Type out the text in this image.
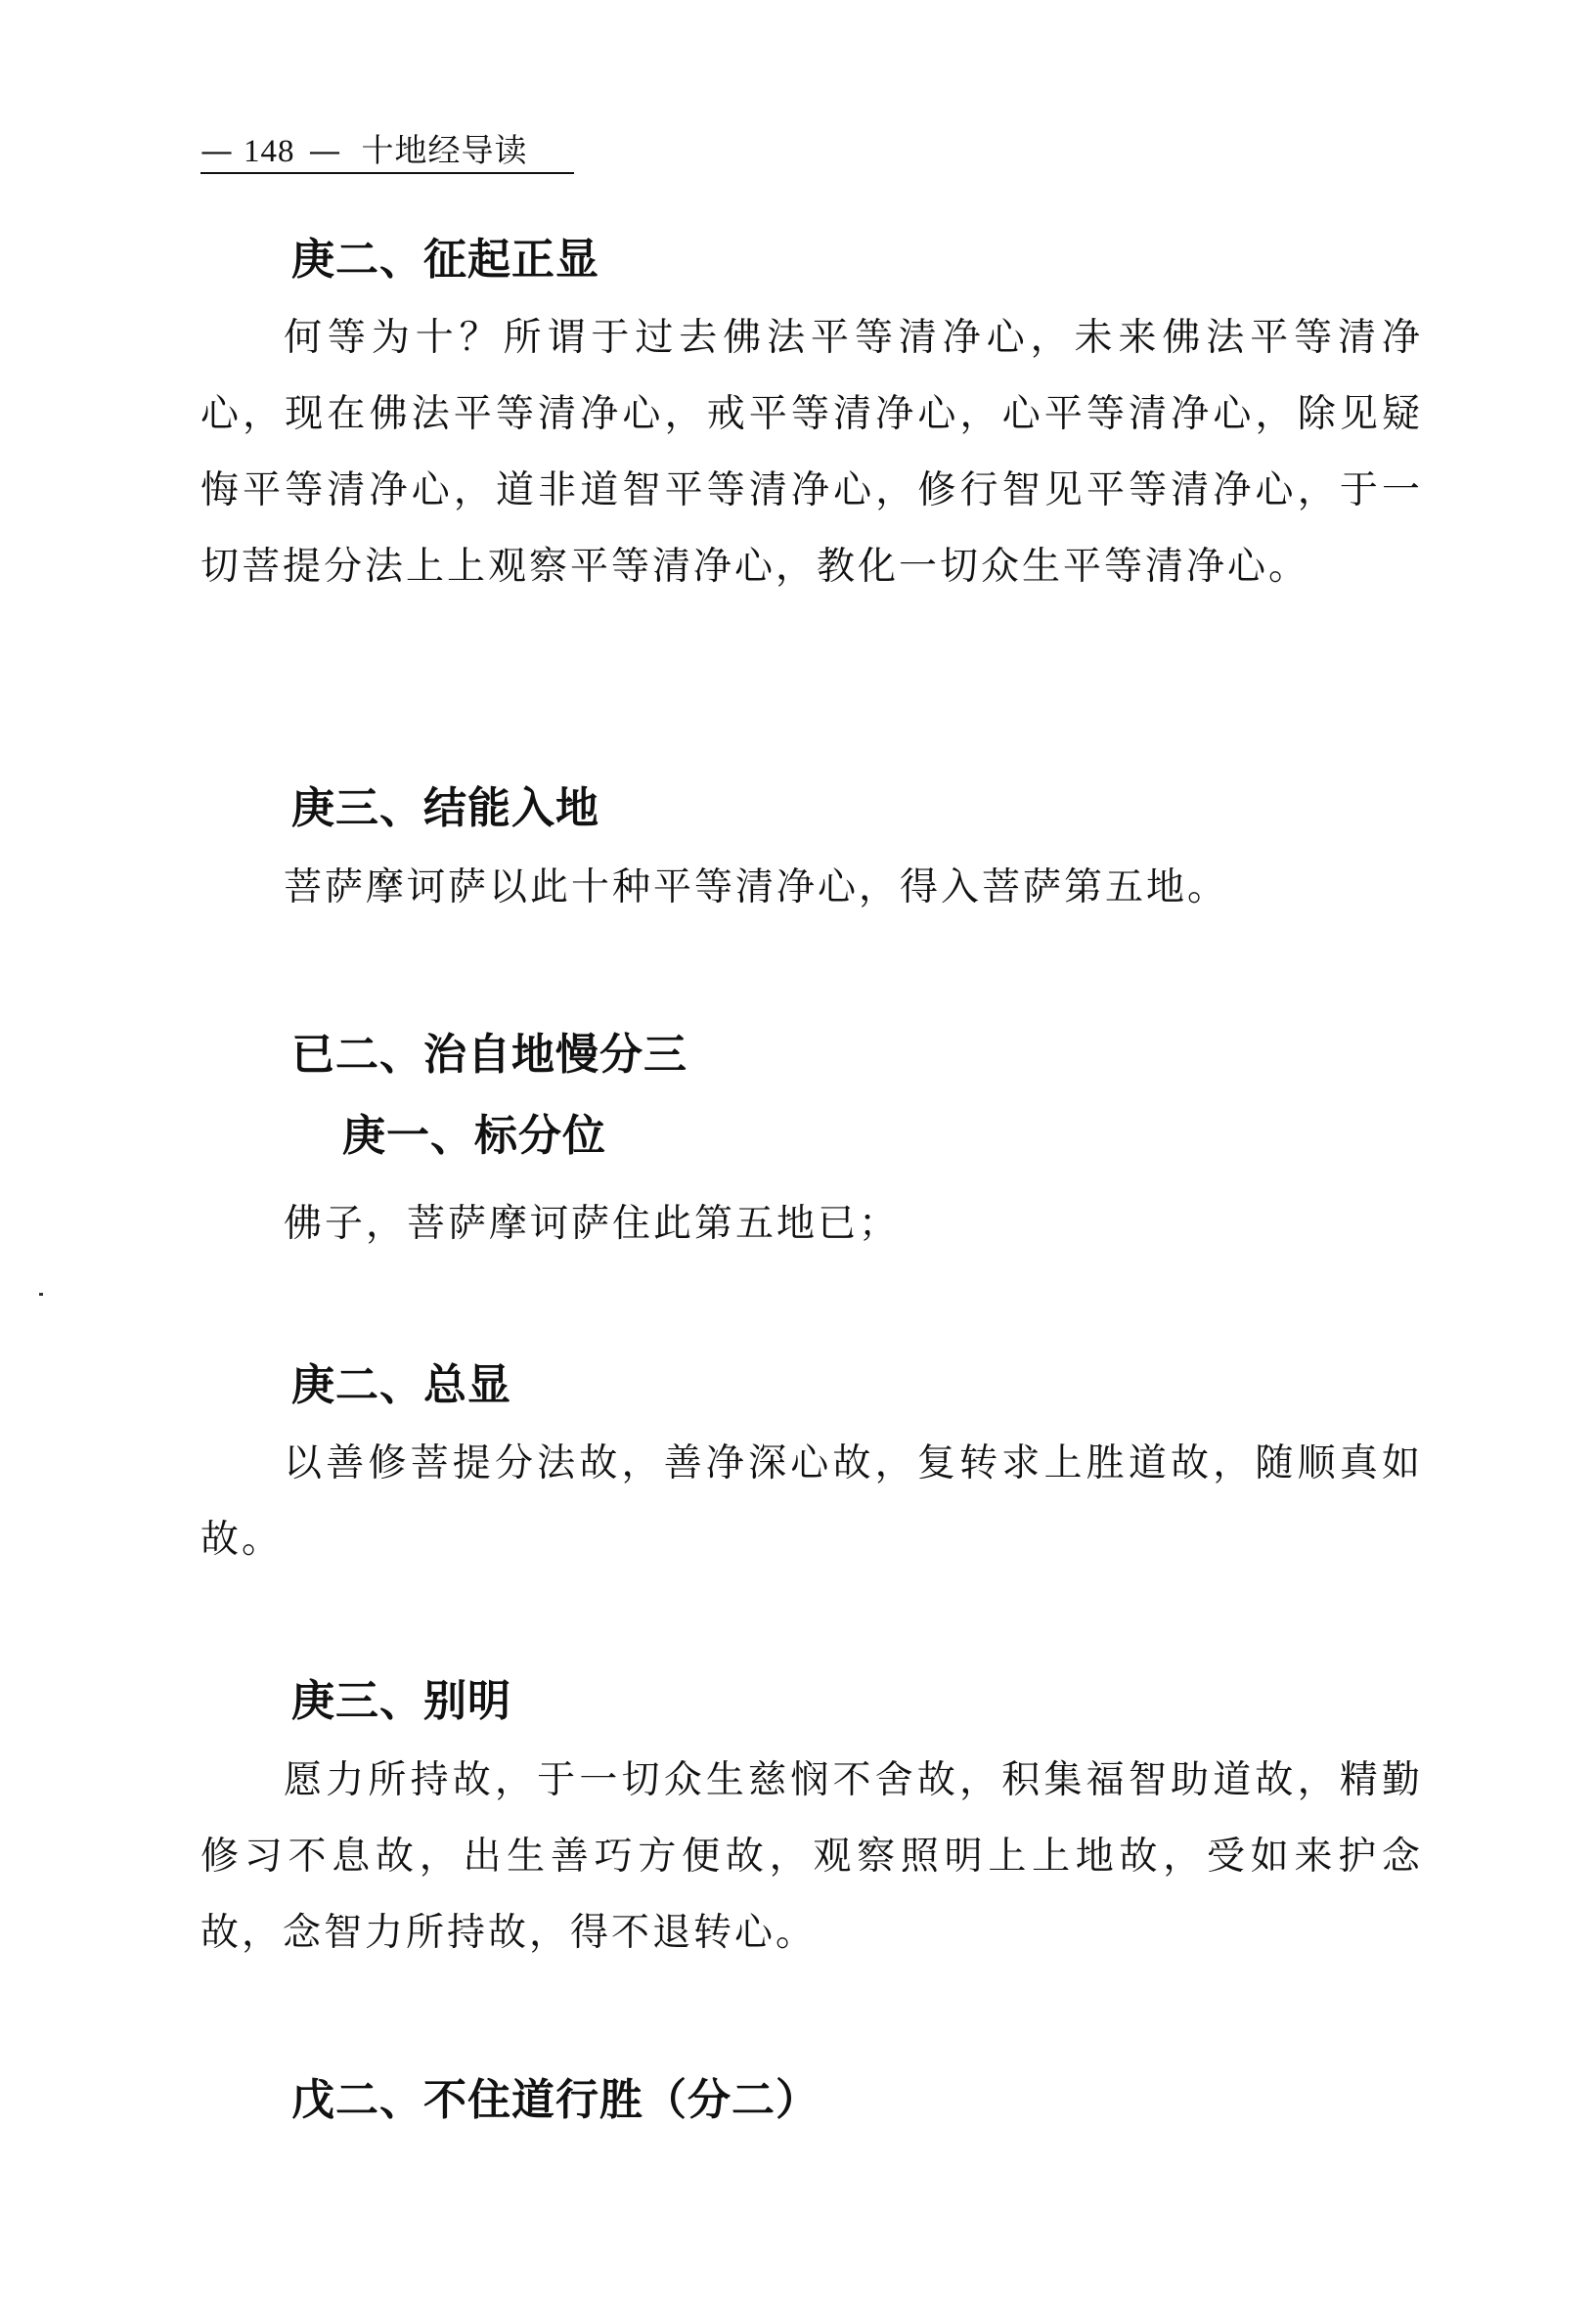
— 148 — 十地经导读
庚二、征起正显

何等为十？所谓于过去佛法平等清净心，未来佛法平等清净心，现在佛法平等清净心，戒平等清净心，心平等清净心，除见疑悔平等清净心，道非道智平等清净心，修行智见平等清净心，于一切菩提分法上上观察平等清净心，教化一切众生平等清净心。

庚三、结能入地

菩萨摩诃萨以此十种平等清净心，得入菩萨第五地。

已二、治自地慢分三
庚一、标分位

佛子，菩萨摩诃萨住此第五地已；

庚二、总显

以善修菩提分法故，善净深心故，复转求上胜道故，随顺真如故。

庚三、别明

愿力所持故，于一切众生慈悯不舍故，积集福智助道故，精勤修习不息故，出生善巧方便故，观察照明上上地故，受如来护念故，念智力所持故，得不退转心。

戊二、不住道行胜（分二）
